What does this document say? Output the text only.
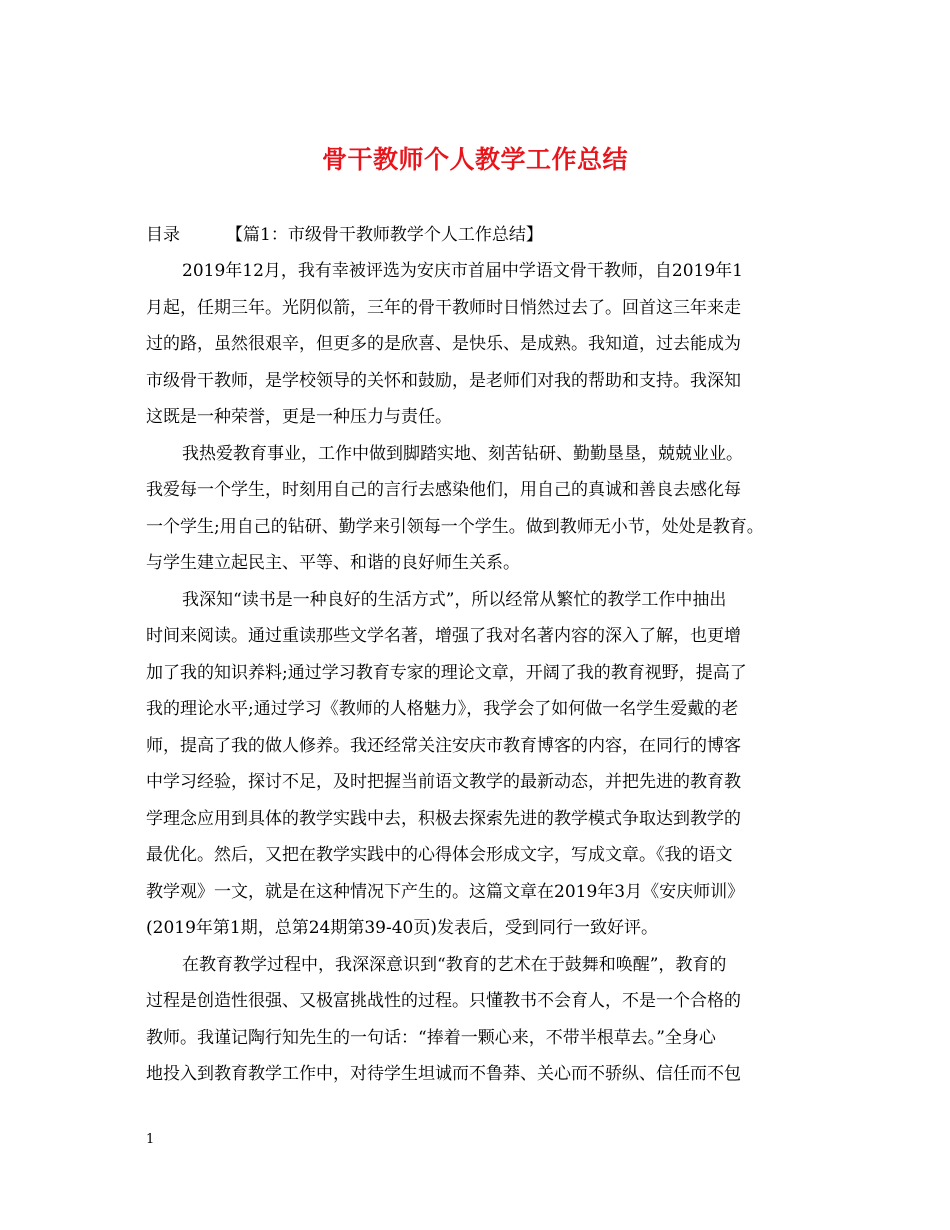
骨干教师个人教学工作总结
目录	【篇1：市级骨干教师教学个人工作总结】
2019年12月，我有幸被评选为安庆市首届中学语文骨干教师，自2019年1
月起，任期三年。光阴似箭，三年的骨干教师时日悄然过去了。回首这三年来走
过的路，虽然很艰辛，但更多的是欣喜、是快乐、是成熟。我知道，过去能成为
市级骨干教师，是学校领导的关怀和鼓励，是老师们对我的帮助和支持。我深知
这既是一种荣誉，更是一种压力与责任。
我热爱教育事业，工作中做到脚踏实地、刻苦钻研、勤勤垦垦，兢兢业业。
我爱每一个学生，时刻用自己的言行去感染他们，用自己的真诚和善良去感化每
一个学生;用自己的钻研、勤学来引领每一个学生。做到教师无小节，处处是教育。
与学生建立起民主、平等、和谐的良好师生关系。
我深知“读书是一种良好的生活方式”，所以经常从繁忙的教学工作中抽出
时间来阅读。通过重读那些文学名著，增强了我对名著内容的深入了解，也更增
加了我的知识养料;通过学习教育专家的理论文章，开阔了我的教育视野，提高了
我的理论水平;通过学习《教师的人格魅力》，我学会了如何做一名学生爱戴的老
师，提高了我的做人修养。我还经常关注安庆市教育博客的内容，在同行的博客
中学习经验，探讨不足，及时把握当前语文教学的最新动态，并把先进的教育教
学理念应用到具体的教学实践中去，积极去探索先进的教学模式争取达到教学的
最优化。然后，又把在教学实践中的心得体会形成文字，写成文章。《我的语文
教学观》一文，就是在这种情况下产生的。这篇文章在2019年3月《安庆师训》
(2019年第1期，总第24期第39-40页)发表后，受到同行一致好评。
在教育教学过程中，我深深意识到“教育的艺术在于鼓舞和唤醒”，教育的
过程是创造性很强、又极富挑战性的过程。只懂教书不会育人，不是一个合格的
教师。我谨记陶行知先生的一句话：“捧着一颗心来，不带半根草去。”全身心
地投入到教育教学工作中，对待学生坦诚而不鲁莽、关心而不骄纵、信任而不包
1
